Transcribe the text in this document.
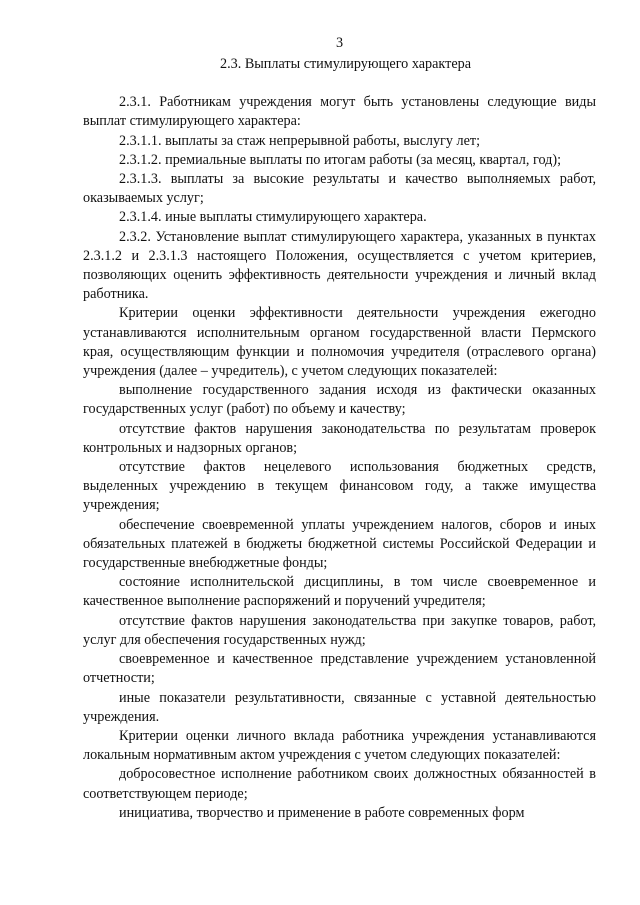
3

2.3. Выплаты стимулирующего характера

2.3.1. Работникам учреждения могут быть установлены следующие виды выплат стимулирующего характера:

2.3.1.1. выплаты за стаж непрерывной работы, выслугу лет;

2.3.1.2. премиальные выплаты по итогам работы (за месяц, квартал, год);

2.3.1.3. выплаты за высокие результаты и качество выполняемых работ, оказываемых услуг;

2.3.1.4. иные выплаты стимулирующего характера.

2.3.2. Установление выплат стимулирующего характера, указанных в пунктах 2.3.1.2 и 2.3.1.3 настоящего Положения, осуществляется с учетом критериев, позволяющих оценить эффективность деятельности учреждения и личный вклад работника.

Критерии оценки эффективности деятельности учреждения ежегодно устанавливаются исполнительным органом государственной власти Пермского края, осуществляющим функции и полномочия учредителя (отраслевого органа) учреждения (далее – учредитель), с учетом следующих показателей:

выполнение государственного задания исходя из фактически оказанных государственных услуг (работ) по объему и качеству;

отсутствие фактов нарушения законодательства по результатам проверок контрольных и надзорных органов;

отсутствие фактов нецелевого использования бюджетных средств, выделенных учреждению в текущем финансовом году, а также имущества учреждения;

обеспечение своевременной уплаты учреждением налогов, сборов и иных обязательных платежей в бюджеты бюджетной системы Российской Федерации и государственные внебюджетные фонды;

состояние исполнительской дисциплины, в том числе своевременное и качественное выполнение распоряжений и поручений учредителя;

отсутствие фактов нарушения законодательства при закупке товаров, работ, услуг для обеспечения государственных нужд;

своевременное и качественное представление учреждением установленной отчетности;

иные показатели результативности, связанные с уставной деятельностью учреждения.

Критерии оценки личного вклада работника учреждения устанавливаются локальным нормативным актом учреждения с учетом следующих показателей:

добросовестное исполнение работником своих должностных обязанностей в соответствующем периоде;

инициатива, творчество и применение в работе современных форм
